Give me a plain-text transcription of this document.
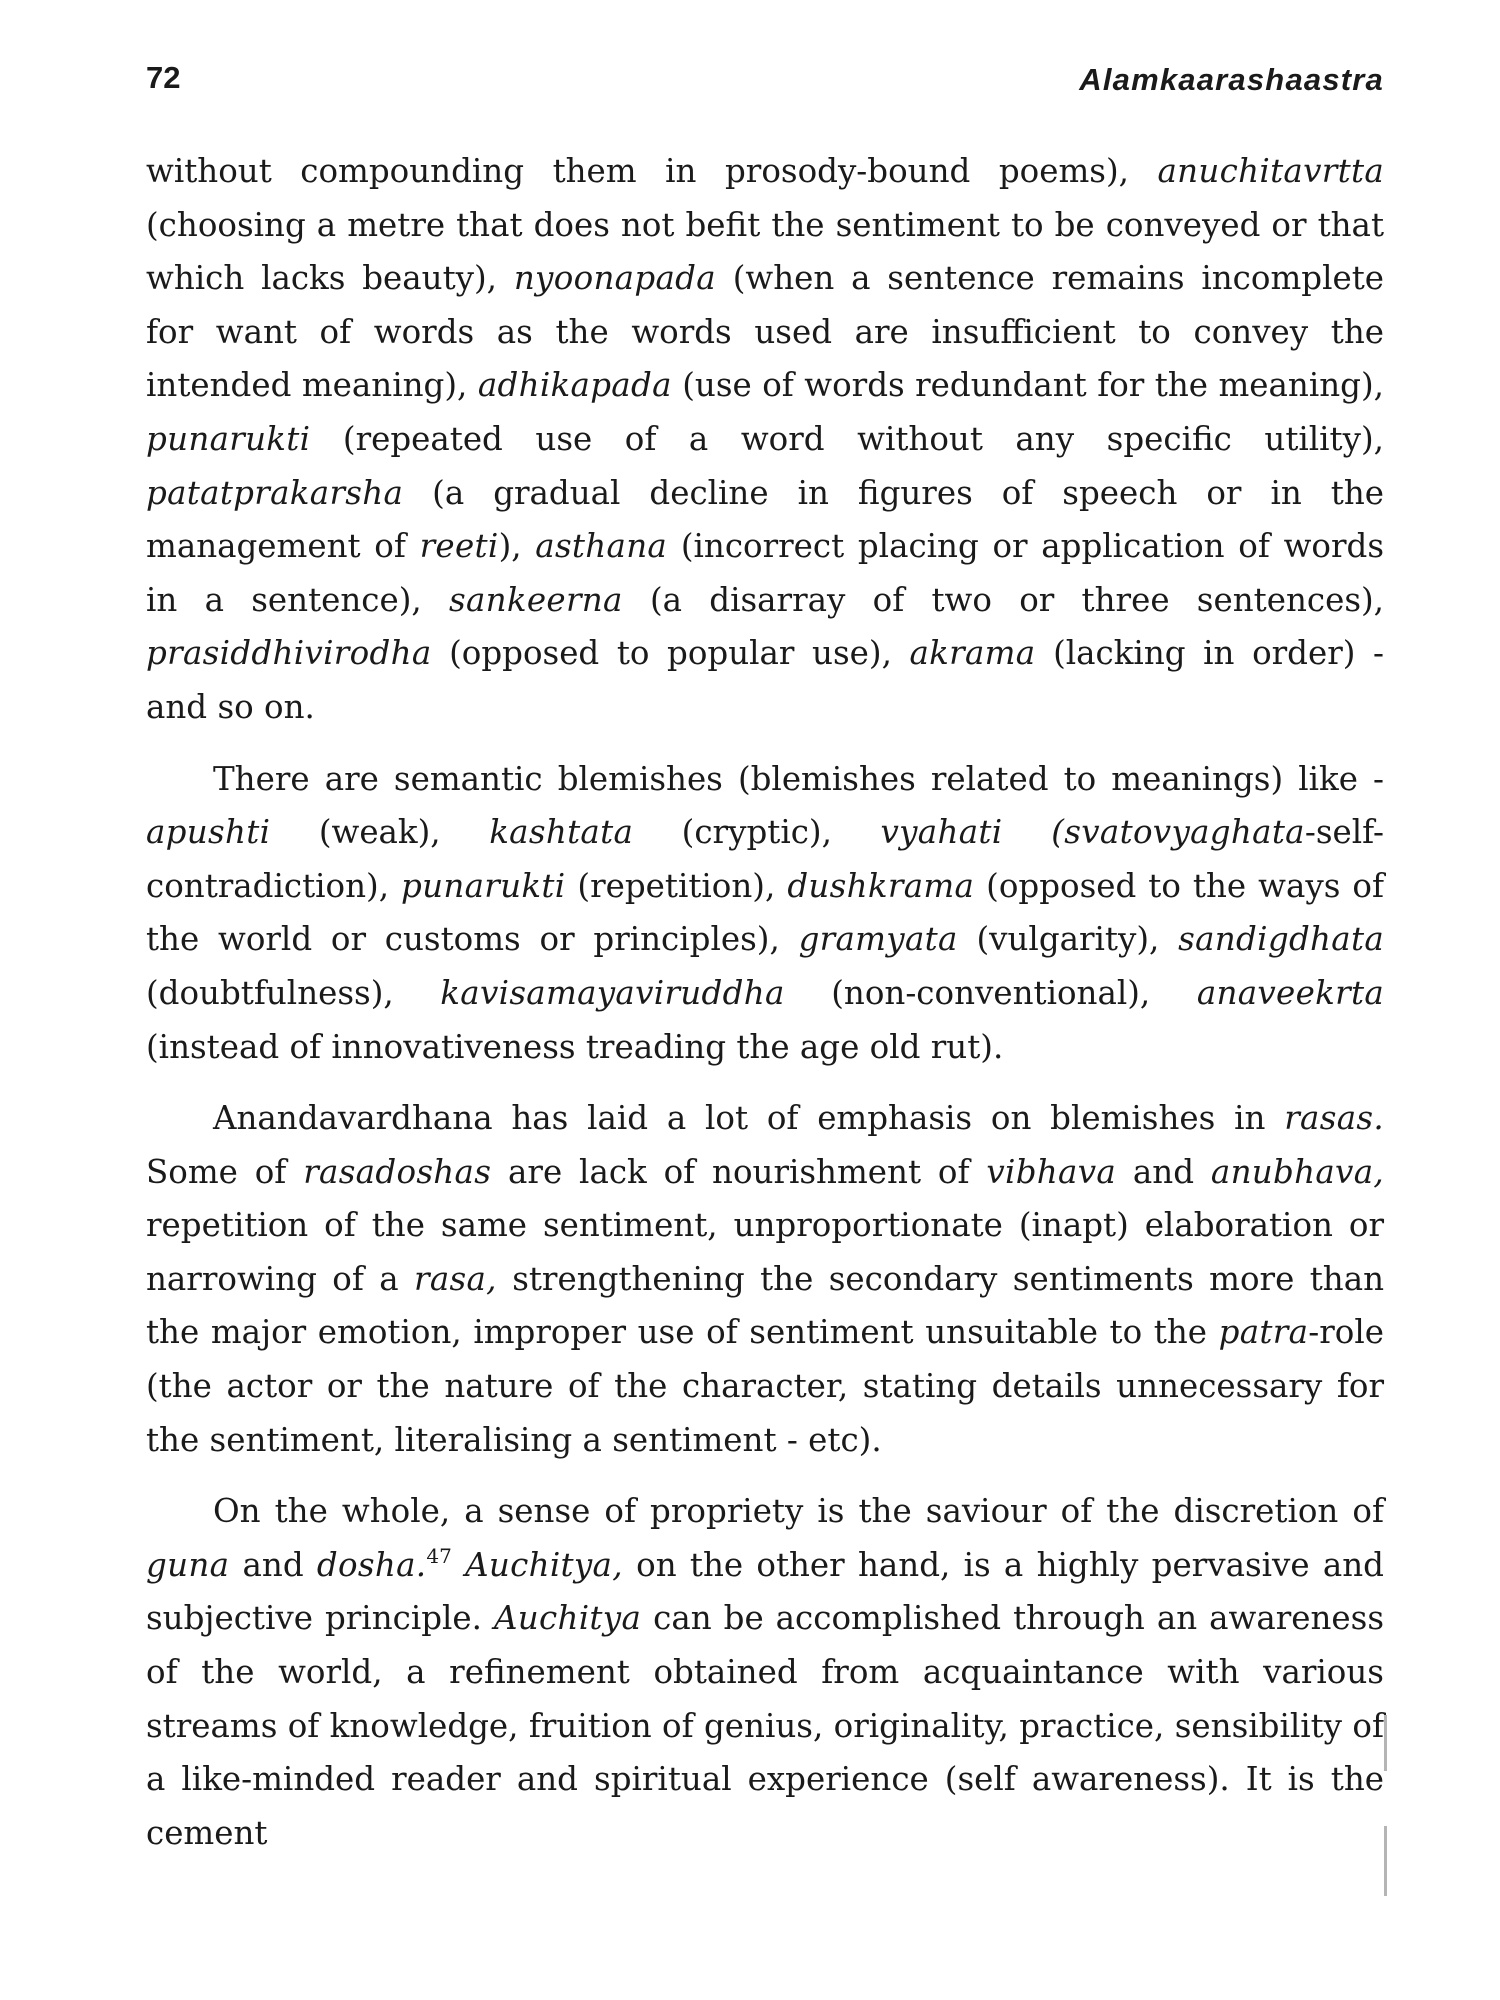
72	Alamkaarashaastra

without compounding them in prosody-bound poems), anuchitavrtta (choosing a metre that does not befit the sentiment to be conveyed or that which lacks beauty), nyoonapada (when a sentence remains incomplete for want of words as the words used are insufficient to convey the intended meaning), adhikapada (use of words redundant for the meaning), punarukti (repeated use of a word without any specific utility), patatprakarsha (a gradual decline in figures of speech or in the management of reeti), asthana (incorrect placing or application of words in a sentence), sankeerna (a disarray of two or three sentences), prasiddhivirodha (opposed to popular use), akrama (lacking in order) - and so on.

There are semantic blemishes (blemishes related to meanings) like - apushti (weak), kashtata (cryptic), vyahati (svatovyaghata-self-contradiction), punarukti (repetition), dushkrama (opposed to the ways of the world or customs or principles), gramyata (vulgarity), sandigdhata (doubtfulness), kavisamayaviruddha (non-conventional), anaveekrta (instead of innovativeness treading the age old rut).

Anandavardhana has laid a lot of emphasis on blemishes in rasas. Some of rasadoshas are lack of nourishment of vibhava and anubhava, repetition of the same sentiment, unproportionate (inapt) elaboration or narrowing of a rasa, strengthening the secondary sentiments more than the major emotion, improper use of sentiment unsuitable to the patra-role (the actor or the nature of the character, stating details unnecessary for the sentiment, literalising a sentiment - etc).

On the whole, a sense of propriety is the saviour of the discretion of guna and dosha.$^{47}$ Auchitya, on the other hand, is a highly pervasive and subjective principle. Auchitya can be accomplished through an awareness of the world, a refinement obtained from acquaintance with various streams of knowledge, fruition of genius, originality, practice, sensibility of a like-minded reader and spiritual experience (self awareness). It is the cement
